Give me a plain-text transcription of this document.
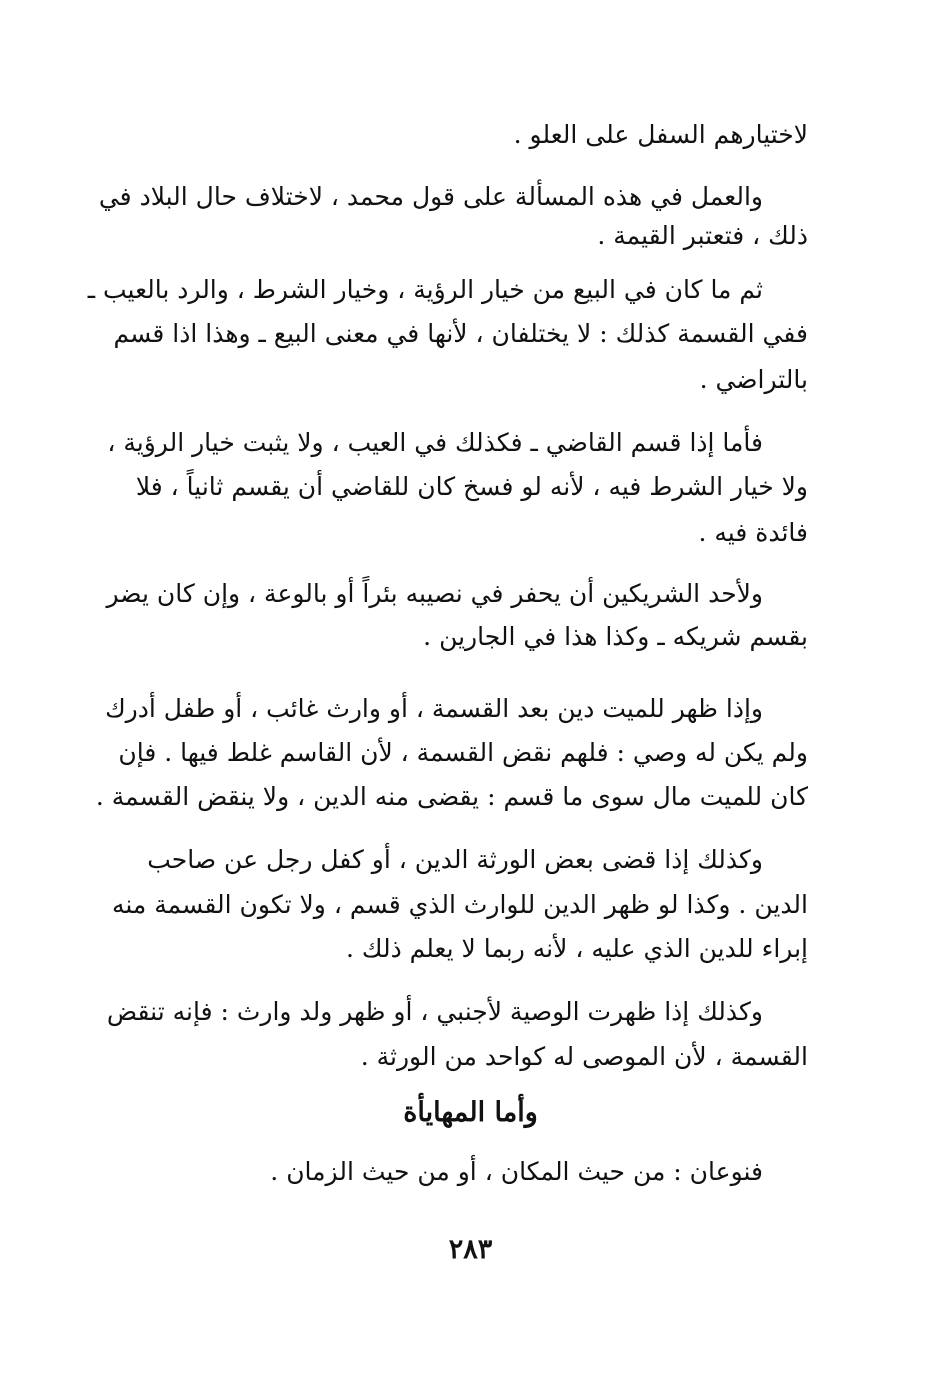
لاختيارهم السفل على العلو .
والعمل في هذه المسألة على قول محمد ، لاختلاف حال البلاد في
ذلك ، فتعتبر القيمة .
ثم ما كان في البيع من خيار الرؤية ، وخيار الشرط ، والرد بالعيب ـ
ففي القسمة كذلك : لا يختلفان ، لأنها في معنى البيع ـ وهذا اذا قسم
بالتراضي .
فأما إذا قسم القاضي ـ فكذلك في العيب ، ولا يثبت خيار الرؤية ،
ولا خيار الشرط فيه ، لأنه لو فسخ كان للقاضي أن يقسم ثانياً ، فلا
فائدة فيه .
ولأحد الشريكين أن يحفر في نصيبه بئراً أو بالوعة ، وإن كان يضر
بقسم شريكه ـ وكذا هذا في الجارين .
وإذا ظهر للميت دين بعد القسمة ، أو وارث غائب ، أو طفل أدرك
ولم يكن له وصي : فلهم نقض القسمة ، لأن القاسم غلط فيها . فإن
كان للميت مال سوى ما قسم : يقضى منه الدين ، ولا ينقض القسمة .
وكذلك إذا قضى بعض الورثة الدين ، أو كفل رجل عن صاحب
الدين . وكذا لو ظهر الدين للوارث الذي قسم ، ولا تكون القسمة منه
إبراء للدين الذي عليه ، لأنه ربما لا يعلم ذلك .
وكذلك إذا ظهرت الوصية لأجنبي ، أو ظهر ولد وارث : فإنه تنقض
القسمة ، لأن الموصى له كواحد من الورثة .
وأما المهايأة
فنوعان : من حيث المكان ، أو من حيث الزمان .
٢٨٣
